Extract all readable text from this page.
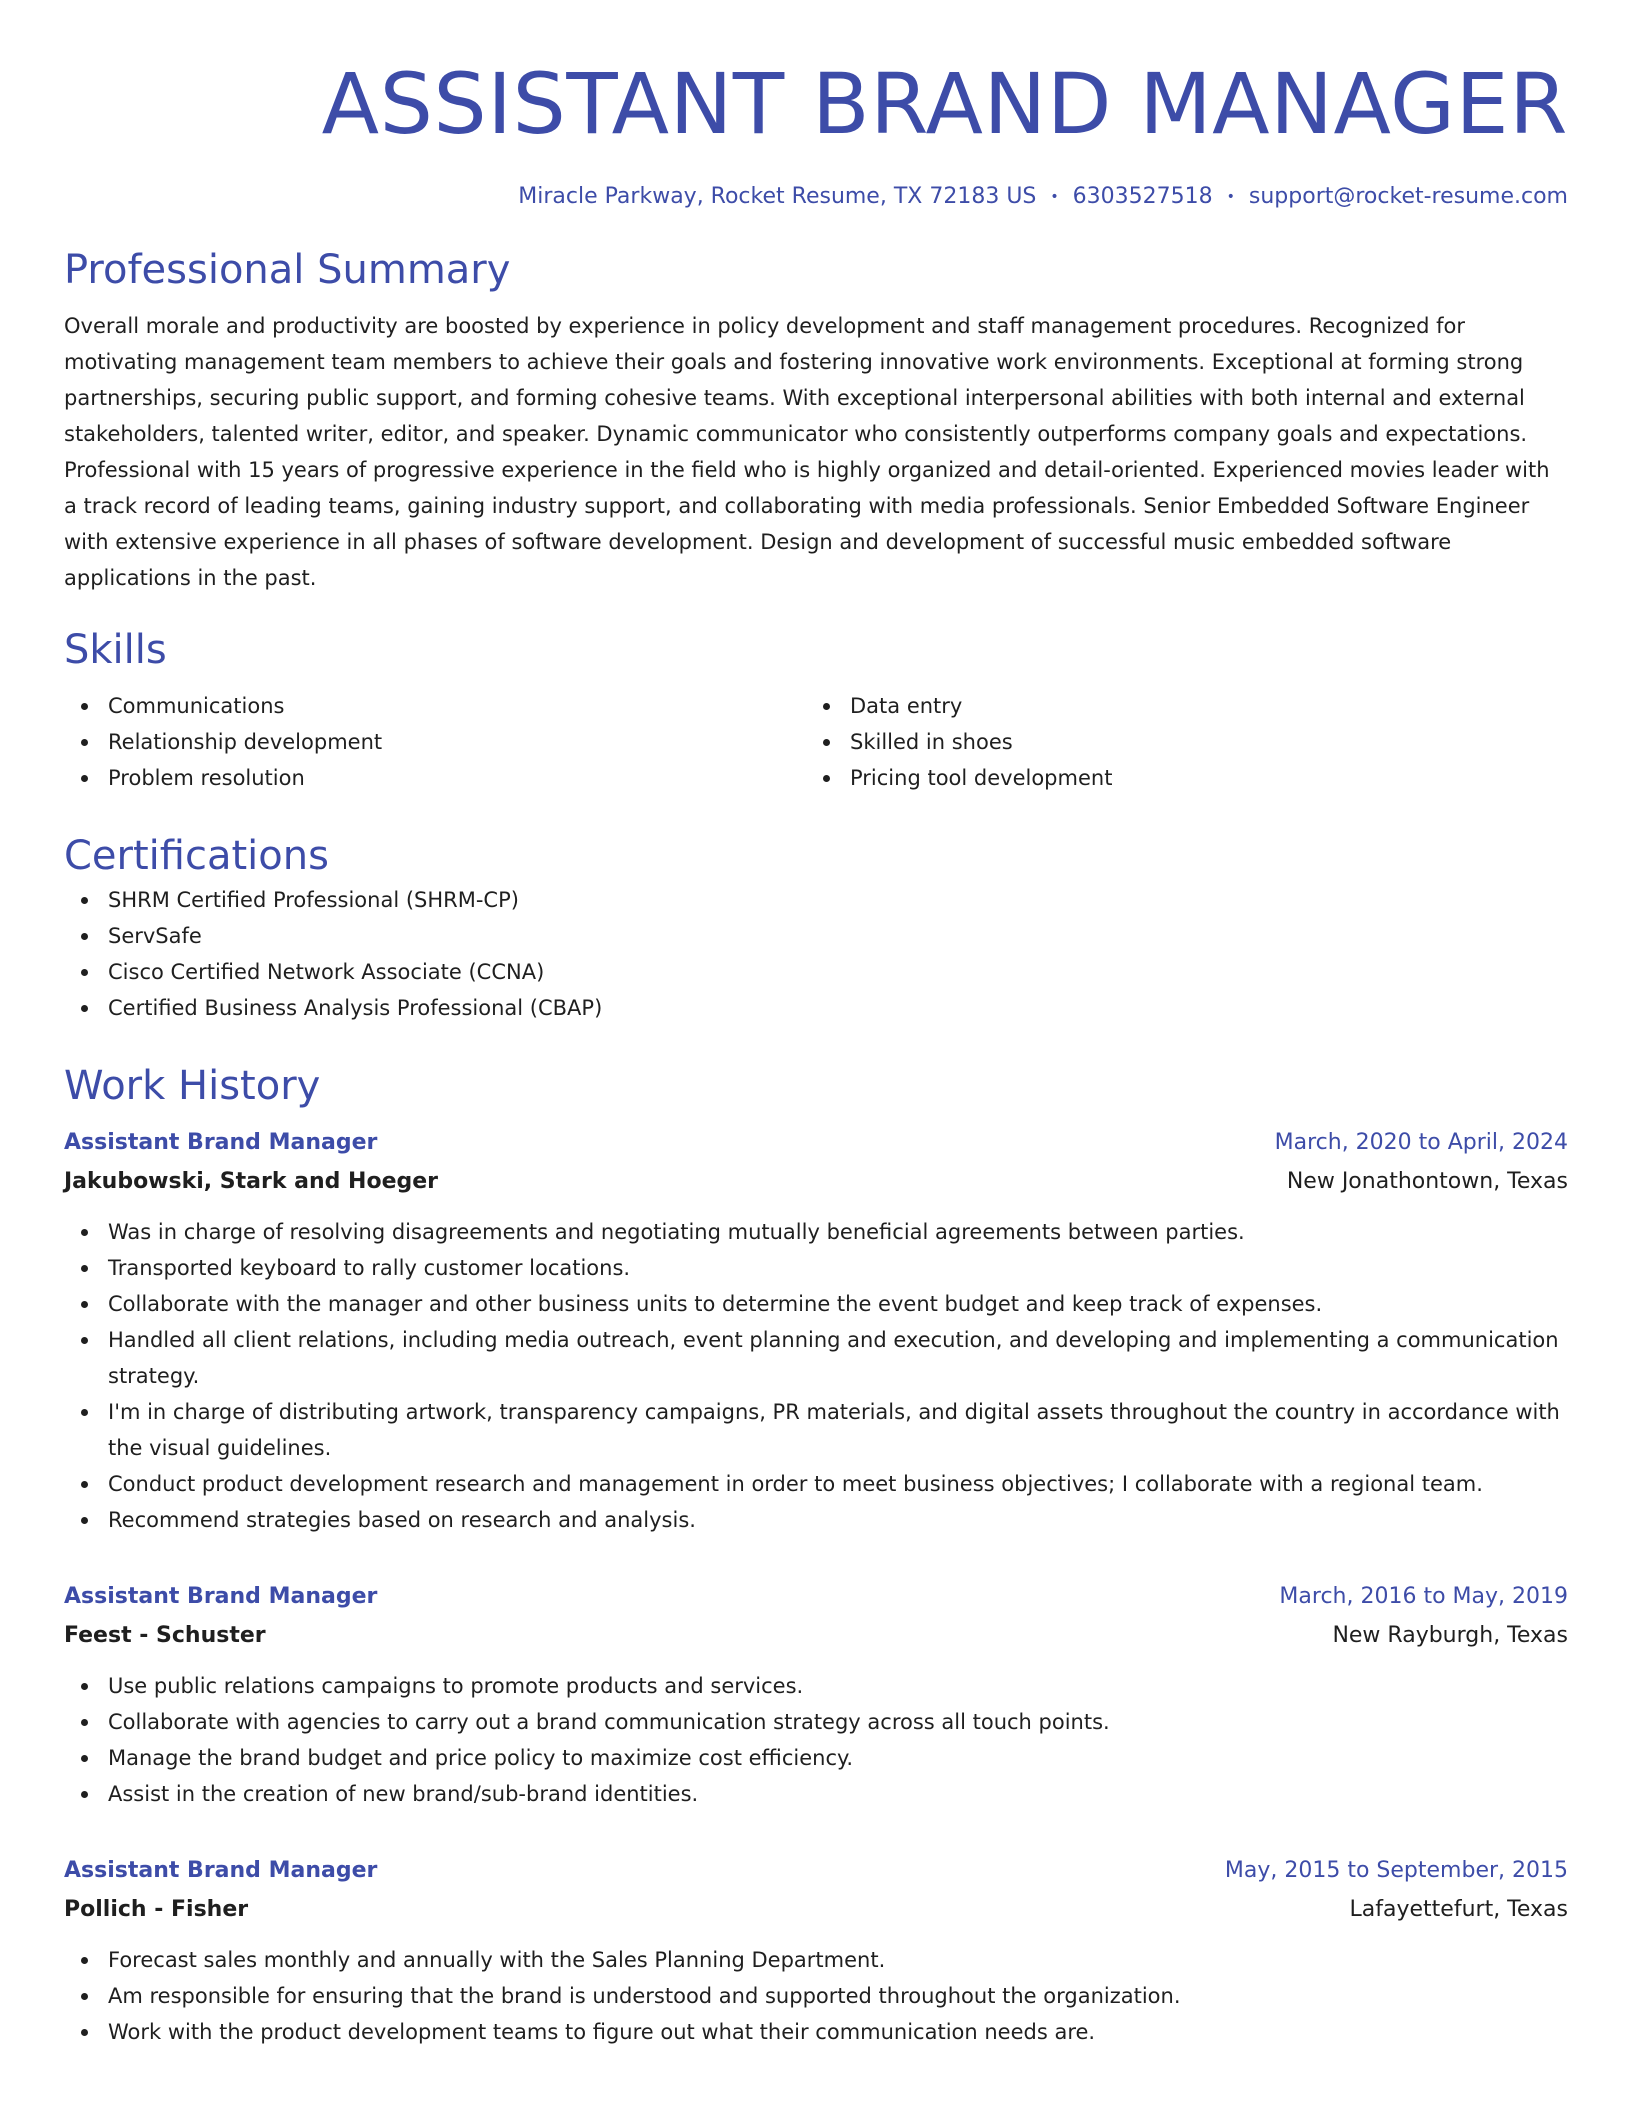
ASSISTANT BRAND MANAGER
Miracle Parkway, Rocket Resume, TX 72183 US • 6303527518 • support@rocket-resume.com
Professional Summary

Overall morale and productivity are boosted by experience in policy development and staff management procedures. Recognized for motivating management team members to achieve their goals and fostering innovative work environments. Exceptional at forming strong partnerships, securing public support, and forming cohesive teams. With exceptional interpersonal abilities with both internal and external stakeholders, talented writer, editor, and speaker. Dynamic communicator who consistently outperforms company goals and expectations. Professional with 15 years of progressive experience in the field who is highly organized and detail-oriented. Experienced movies leader with a track record of leading teams, gaining industry support, and collaborating with media professionals. Senior Embedded Software Engineer with extensive experience in all phases of software development. Design and development of successful music embedded software applications in the past.

Skills
Communications
Relationship development
Problem resolution
Data entry
Skilled in shoes
Pricing tool development
Certifications
SHRM Certified Professional (SHRM-CP)
ServSafe
Cisco Certified Network Associate (CCNA)
Certified Business Analysis Professional (CBAP)
Work History
Assistant Brand Manager	March, 2020 to April, 2024
Jakubowski, Stark and Hoeger	New Jonathontown, Texas
Was in charge of resolving disagreements and negotiating mutually beneficial agreements between parties.
Transported keyboard to rally customer locations.
Collaborate with the manager and other business units to determine the event budget and keep track of expenses.
Handled all client relations, including media outreach, event planning and execution, and developing and implementing a communication strategy.
I'm in charge of distributing artwork, transparency campaigns, PR materials, and digital assets throughout the country in accordance with the visual guidelines.
Conduct product development research and management in order to meet business objectives; I collaborate with a regional team.
Recommend strategies based on research and analysis.
Assistant Brand Manager	March, 2016 to May, 2019
Feest - Schuster	New Rayburgh, Texas
Use public relations campaigns to promote products and services.
Collaborate with agencies to carry out a brand communication strategy across all touch points.
Manage the brand budget and price policy to maximize cost efficiency.
Assist in the creation of new brand/sub-brand identities.
Assistant Brand Manager	May, 2015 to September, 2015
Pollich - Fisher	Lafayettefurt, Texas
Forecast sales monthly and annually with the Sales Planning Department.
Am responsible for ensuring that the brand is understood and supported throughout the organization.
Work with the product development teams to figure out what their communication needs are.
